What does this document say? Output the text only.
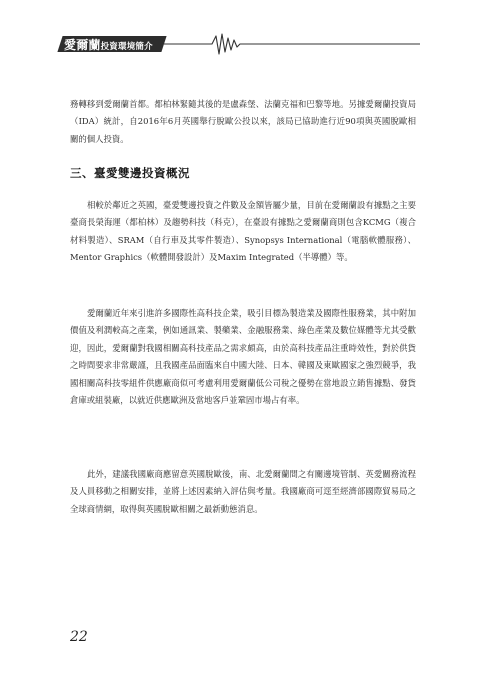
愛爾蘭投資環境簡介

務轉移到愛爾蘭首都。都柏林緊隨其後的是盧森堡、法蘭克福和巴黎等地。另據愛爾蘭投資局（IDA）統計，自2016年6月英國舉行脫歐公投以來，該局已協助進行近90項與英國脫歐相關的個人投資。

三、臺愛雙邊投資概況

相較於鄰近之英國，臺愛雙邊投資之件數及金額皆屬少量，目前在愛爾蘭設有據點之主要臺商長榮海運（都柏林）及趨勢科技（科克），在臺設有據點之愛爾蘭商則包含KCMG（複合材料製造）、SRAM（自行車及其零件製造）、Synopsys International（電腦軟體服務）、Mentor Graphics（軟體開發設計）及Maxim Integrated（半導體）等。

愛爾蘭近年來引進許多國際性高科技企業，吸引目標為製造業及國際性服務業，其中附加價值及利潤較高之產業，例如通訊業、製藥業、金融服務業、綠色產業及數位媒體等尤其受歡迎，因此，愛爾蘭對我國相關高科技產品之需求頗高，由於高科技產品注重時效性，對於供貨之時間要求非常嚴謹，且我國產品面臨來自中國大陸、日本、韓國及東歐國家之強烈競爭，我國相關高科技零組件供應廠商似可考慮利用愛爾蘭低公司稅之優勢在當地設立銷售據點、發貨倉庫或組裝廠，以就近供應歐洲及當地客戶並鞏固市場占有率。

此外，建議我國廠商應留意英國脫歐後，南、北愛爾蘭間之有關邊境管制、英愛關務流程及人員移動之相關安排，並將上述因素納入評估與考量。我國廠商可逕至經濟部國際貿易局之全球商情網，取得與英國脫歐相關之最新動態消息。

22
